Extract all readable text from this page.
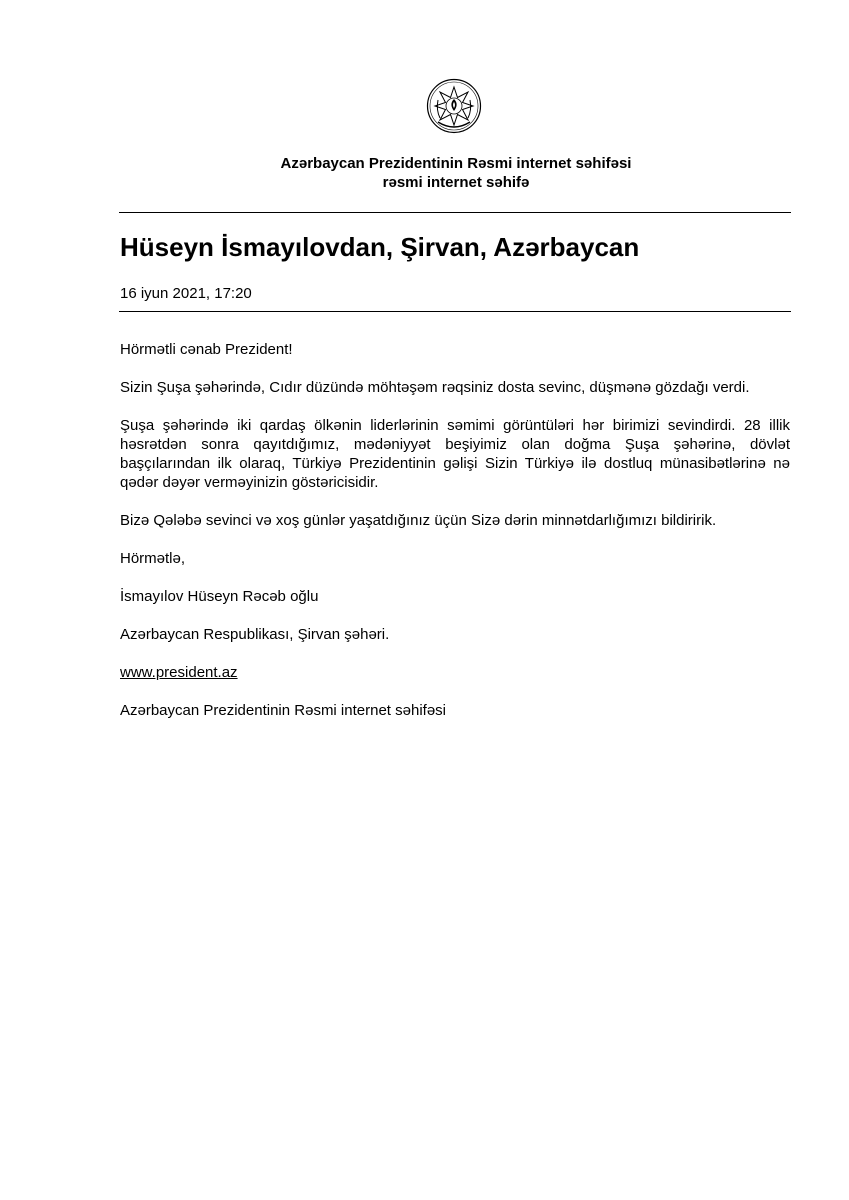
Azərbaycan Prezidentinin Rəsmi internet səhifəsi
rəsmi internet səhifə
Hüseyn İsmayılovdan, Şirvan, Azərbaycan
16 iyun 2021, 17:20

Hörmətli cənab Prezident!

Sizin Şuşa şəhərində, Cıdır düzündə möhtəşəm rəqsiniz dosta sevinc, düşmənə gözdağı verdi.

Şuşa şəhərində iki qardaş ölkənin liderlərinin səmimi görüntüləri hər birimizi sevindirdi. 28 illik həsrətdən sonra qayıtdığımız, mədəniyyət beşiyimiz olan doğma Şuşa şəhərinə, dövlət başçılarından ilk olaraq, Türkiyə Prezidentinin gəlişi Sizin Türkiyə ilə dostluq münasibətlərinə nə qədər dəyər verməyinizin göstəricisidir.

Bizə Qələbə sevinci və xoş günlər yaşatdığınız üçün Sizə dərin minnətdarlığımızı bildiririk.

Hörmətlə,

İsmayılov Hüseyn Rəcəb oğlu

Azərbaycan Respublikası, Şirvan şəhəri.

www.president.az

Azərbaycan Prezidentinin Rəsmi internet səhifəsi
